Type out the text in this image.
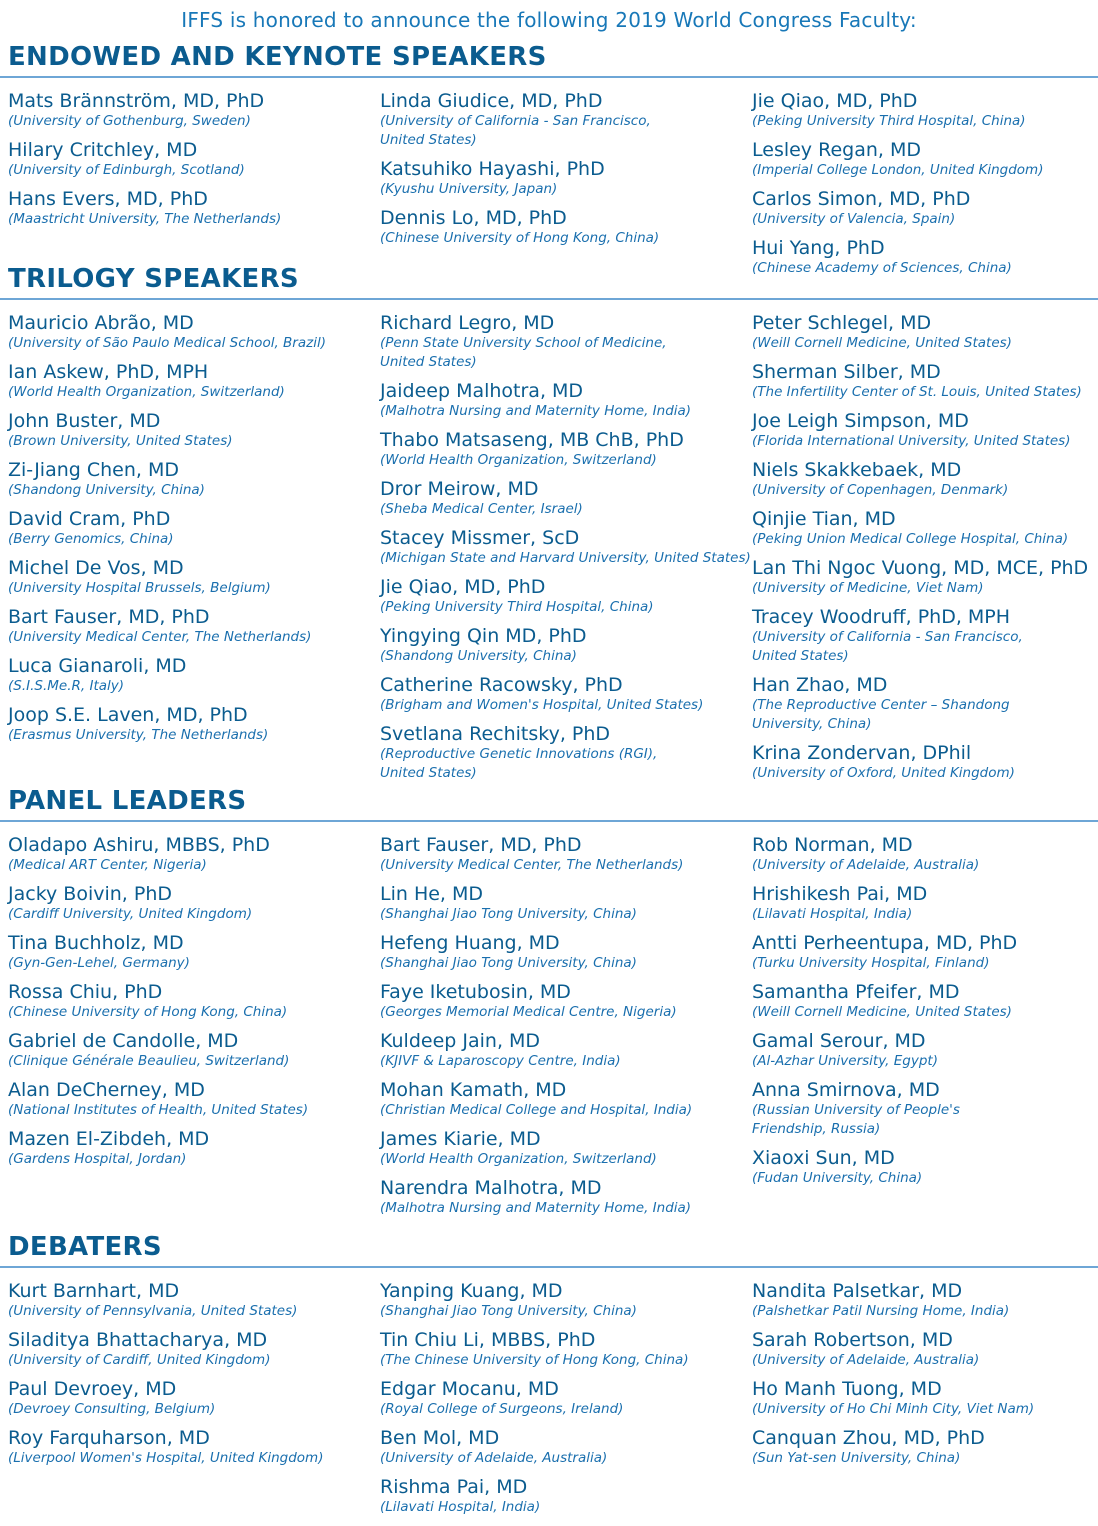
IFFS is honored to announce the following 2019 World Congress Faculty:
ENDOWED AND KEYNOTE SPEAKERS
Mats Brännström, MD, PhD
(University of Gothenburg, Sweden)
Hilary Critchley, MD
(University of Edinburgh, Scotland)
Hans Evers, MD, PhD
(Maastricht University, The Netherlands)
Linda Giudice, MD, PhD
(University of California - San Francisco,
United States)
Katsuhiko Hayashi, PhD
(Kyushu University, Japan)
Dennis Lo, MD, PhD
(Chinese University of Hong Kong, China)
Jie Qiao, MD, PhD
(Peking University Third Hospital, China)
Lesley Regan, MD
(Imperial College London, United Kingdom)
Carlos Simon, MD, PhD
(University of Valencia, Spain)
Hui Yang, PhD
(Chinese Academy of Sciences, China)
TRILOGY SPEAKERS
Mauricio Abrão, MD
(University of São Paulo Medical School, Brazil)
Ian Askew, PhD, MPH
(World Health Organization, Switzerland)
John Buster, MD
(Brown University, United States)
Zi-Jiang Chen, MD
(Shandong University, China)
David Cram, PhD
(Berry Genomics, China)
Michel De Vos, MD
(University Hospital Brussels, Belgium)
Bart Fauser, MD, PhD
(University Medical Center, The Netherlands)
Luca Gianaroli, MD
(S.I.S.Me.R, Italy)
Joop S.E. Laven, MD, PhD
(Erasmus University, The Netherlands)
Richard Legro, MD
(Penn State University School of Medicine,
United States)
Jaideep Malhotra, MD
(Malhotra Nursing and Maternity Home, India)
Thabo Matsaseng, MB ChB, PhD
(World Health Organization, Switzerland)
Dror Meirow, MD
(Sheba Medical Center, Israel)
Stacey Missmer, ScD
(Michigan State and Harvard University, United States)
Jie Qiao, MD, PhD
(Peking University Third Hospital, China)
Yingying Qin MD, PhD
(Shandong University, China)
Catherine Racowsky, PhD
(Brigham and Women's Hospital, United States)
Svetlana Rechitsky, PhD
(Reproductive Genetic Innovations (RGI),
United States)
Peter Schlegel, MD
(Weill Cornell Medicine, United States)
Sherman Silber, MD
(The Infertility Center of St. Louis, United States)
Joe Leigh Simpson, MD
(Florida International University, United States)
Niels Skakkebaek, MD
(University of Copenhagen, Denmark)
Qinjie Tian, MD
(Peking Union Medical College Hospital, China)
Lan Thi Ngoc Vuong, MD, MCE, PhD
(University of Medicine, Viet Nam)
Tracey Woodruff, PhD, MPH
(University of California - San Francisco,
United States)
Han Zhao, MD
(The Reproductive Center – Shandong
University, China)
Krina Zondervan, DPhil
(University of Oxford, United Kingdom)
PANEL LEADERS
Oladapo Ashiru, MBBS, PhD
(Medical ART Center, Nigeria)
Jacky Boivin, PhD
(Cardiff University, United Kingdom)
Tina Buchholz, MD
(Gyn-Gen-Lehel, Germany)
Rossa Chiu, PhD
(Chinese University of Hong Kong, China)
Gabriel de Candolle, MD
(Clinique Générale Beaulieu, Switzerland)
Alan DeCherney, MD
(National Institutes of Health, United States)
Mazen El-Zibdeh, MD
(Gardens Hospital, Jordan)
Bart Fauser, MD, PhD
(University Medical Center, The Netherlands)
Lin He, MD
(Shanghai Jiao Tong University, China)
Hefeng Huang, MD
(Shanghai Jiao Tong University, China)
Faye Iketubosin, MD
(Georges Memorial Medical Centre, Nigeria)
Kuldeep Jain, MD
(KJIVF & Laparoscopy Centre, India)
Mohan Kamath, MD
(Christian Medical College and Hospital, India)
James Kiarie, MD
(World Health Organization, Switzerland)
Narendra Malhotra, MD
(Malhotra Nursing and Maternity Home, India)
Rob Norman, MD
(University of Adelaide, Australia)
Hrishikesh Pai, MD
(Lilavati Hospital, India)
Antti Perheentupa, MD, PhD
(Turku University Hospital, Finland)
Samantha Pfeifer, MD
(Weill Cornell Medicine, United States)
Gamal Serour, MD
(Al-Azhar University, Egypt)
Anna Smirnova, MD
(Russian University of People's
Friendship, Russia)
Xiaoxi Sun, MD
(Fudan University, China)
DEBATERS
Kurt Barnhart, MD
(University of Pennsylvania, United States)
Siladitya Bhattacharya, MD
(University of Cardiff, United Kingdom)
Paul Devroey, MD
(Devroey Consulting, Belgium)
Roy Farquharson, MD
(Liverpool Women's Hospital, United Kingdom)
Yanping Kuang, MD
(Shanghai Jiao Tong University, China)
Tin Chiu Li, MBBS, PhD
(The Chinese University of Hong Kong, China)
Edgar Mocanu, MD
(Royal College of Surgeons, Ireland)
Ben Mol, MD
(University of Adelaide, Australia)
Rishma Pai, MD
(Lilavati Hospital, India)
Nandita Palsetkar, MD
(Palshetkar Patil Nursing Home, India)
Sarah Robertson, MD
(University of Adelaide, Australia)
Ho Manh Tuong, MD
(University of Ho Chi Minh City, Viet Nam)
Canquan Zhou, MD, PhD
(Sun Yat-sen University, China)
